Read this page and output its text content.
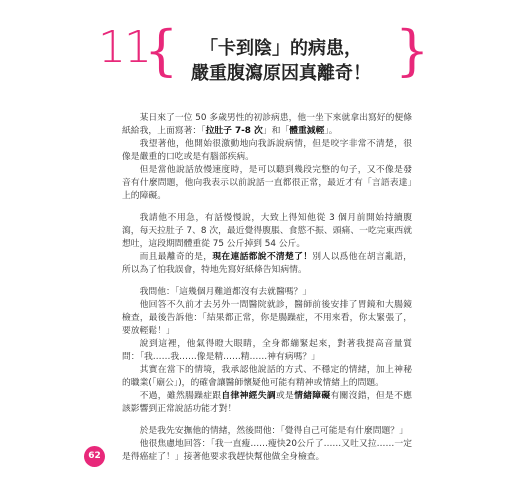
11
{	「卡到陰」的病患，
嚴重腹瀉原因真離奇！ }

某日來了一位 50 多歲男性的初診病患，他一坐下來就拿出寫好的便條紙給我，上面寫著：「拉肚子 7-8 次」和「體重減輕」。

我望著他，他開始很激動地向我訴說病情，但是咬字非常不清楚，很像是嚴重的口吃或是有腦部疾病。

但是當他說話放慢速度時，是可以聽到幾段完整的句子，又不像是發音有什麼問題，他向我表示以前說話一直都很正常，最近才有「言語表達」上的障礙。

我請他不用急，有話慢慢說，大致上得知他從 3 個月前開始持續腹瀉，每天拉肚子 7、8 次，最近覺得腹脹、食慾不振、頭痛、一吃完東西就想吐，這段期間體重從 75 公斤掉到 54 公斤。

而且最離奇的是，現在連話都說不清楚了！別人以爲他在胡言亂語，所以為了怕我誤會，特地先寫好紙條告知病情。

我問他：「這幾個月難道都沒有去就醫嗎？」

他回答不久前才去另外一間醫院就診，醫師前後安排了胃鏡和大腸鏡檢查，最後告訴他：「結果都正常，你是腸躁症，不用來看，你太緊張了，要放輕鬆！」

說到這裡，他氣得瞪大眼睛，全身都繃緊起來，對著我提高音量質問：「我……我……像是精……精……神有病嗎？」

其實在當下的情境，我承認他說話的方式、不穩定的情緒，加上神秘的職業(「廟公」)，的確會讓醫師懷疑他可能有精神或情緒上的問題。

不過，雖然腸躁症跟自律神經失調或是情緒障礙有關沒錯，但是不應該影響到正常說話功能才對！

於是我先安撫他的情緒，然後問他：「覺得自己可能是有什麼問題？」

他很焦慮地回答：「我一直瘦……瘦快20公斤了……又吐又拉……一定是得癌症了！」接著他要求我趕快幫他做全身檢查。

62
